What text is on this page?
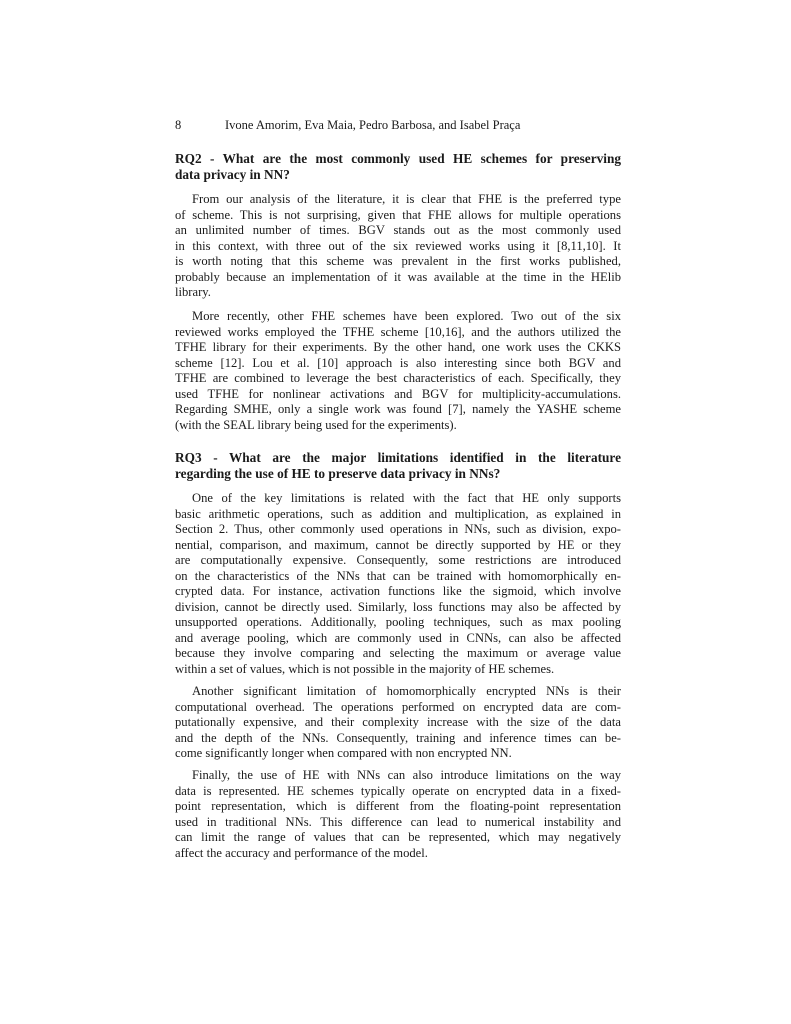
8	Ivone Amorim, Eva Maia, Pedro Barbosa, and Isabel Praça
RQ2 - What are the most commonly used HE schemes for preserving
data privacy in NN?
From our analysis of the literature, it is clear that FHE is the preferred type
of scheme. This is not surprising, given that FHE allows for multiple operations
an unlimited number of times. BGV stands out as the most commonly used
in this context, with three out of the six reviewed works using it [8,11,10]. It
is worth noting that this scheme was prevalent in the first works published,
probably because an implementation of it was available at the time in the HElib
library.
More recently, other FHE schemes have been explored. Two out of the six
reviewed works employed the TFHE scheme [10,16], and the authors utilized the
TFHE library for their experiments. By the other hand, one work uses the CKKS
scheme [12]. Lou et al. [10] approach is also interesting since both BGV and
TFHE are combined to leverage the best characteristics of each. Specifically, they
used TFHE for nonlinear activations and BGV for multiplicity-accumulations.
Regarding SMHE, only a single work was found [7], namely the YASHE scheme
(with the SEAL library being used for the experiments).
RQ3 - What are the major limitations identified in the literature
regarding the use of HE to preserve data privacy in NNs?
One of the key limitations is related with the fact that HE only supports
basic arithmetic operations, such as addition and multiplication, as explained in
Section 2. Thus, other commonly used operations in NNs, such as division, expo-
nential, comparison, and maximum, cannot be directly supported by HE or they
are computationally expensive. Consequently, some restrictions are introduced
on the characteristics of the NNs that can be trained with homomorphically en-
crypted data. For instance, activation functions like the sigmoid, which involve
division, cannot be directly used. Similarly, loss functions may also be affected by
unsupported operations. Additionally, pooling techniques, such as max pooling
and average pooling, which are commonly used in CNNs, can also be affected
because they involve comparing and selecting the maximum or average value
within a set of values, which is not possible in the majority of HE schemes.
Another significant limitation of homomorphically encrypted NNs is their
computational overhead. The operations performed on encrypted data are com-
putationally expensive, and their complexity increase with the size of the data
and the depth of the NNs. Consequently, training and inference times can be-
come significantly longer when compared with non encrypted NN.
Finally, the use of HE with NNs can also introduce limitations on the way
data is represented. HE schemes typically operate on encrypted data in a fixed-
point representation, which is different from the floating-point representation
used in traditional NNs. This difference can lead to numerical instability and
can limit the range of values that can be represented, which may negatively
affect the accuracy and performance of the model.
